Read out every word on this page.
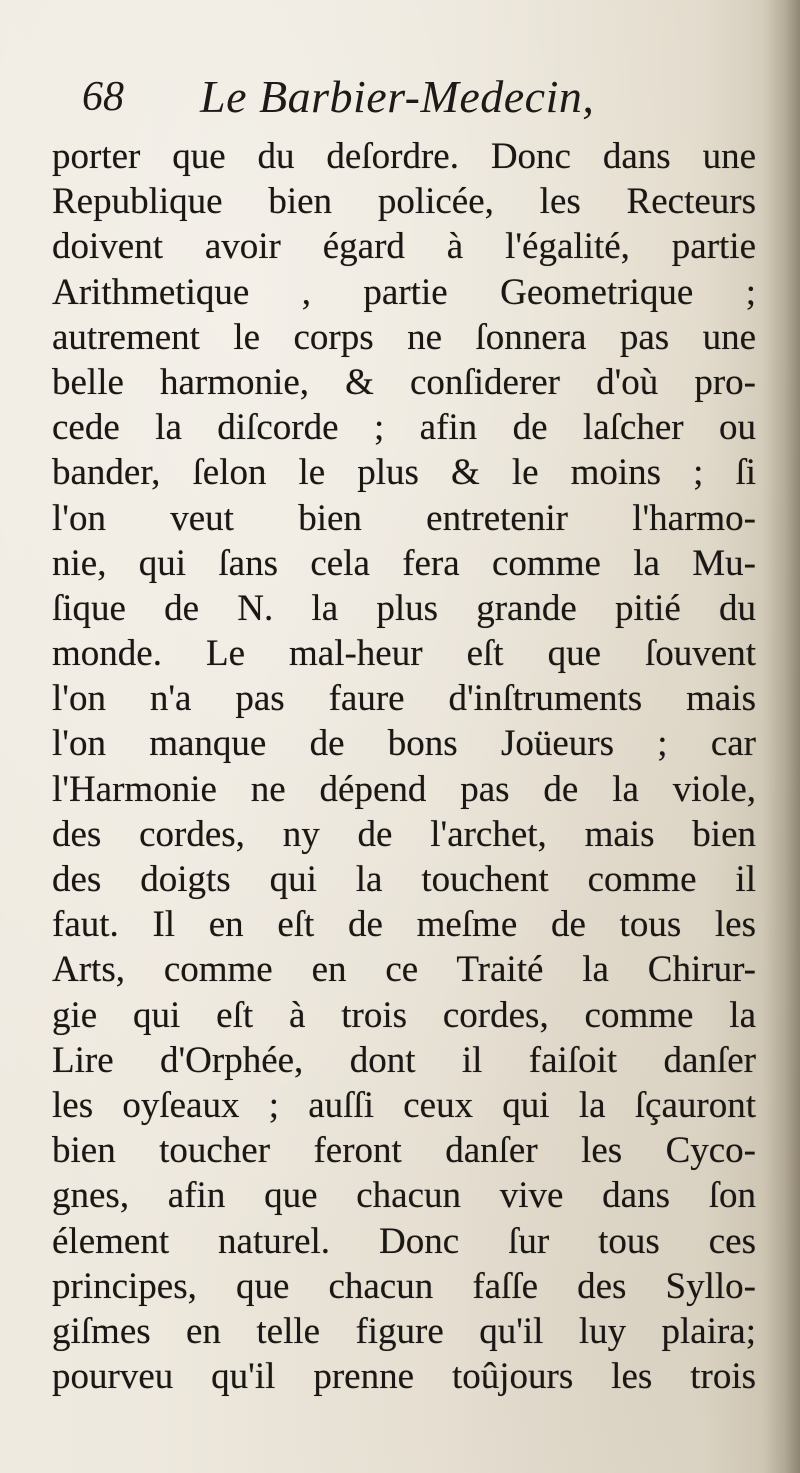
68 Le Barbier-Medecin,
porter que du deſordre. Donc dans une
Republique bien policée, les Recteurs
doivent avoir égard à l'égalité, partie
Arithmetique , partie Geometrique ;
autrement le corps ne ſonnera pas une
belle harmonie, & conſiderer d'où pro-
cede la diſcorde ; afin de laſcher ou
bander, ſelon le plus & le moins ; ſi
l'on veut bien entretenir l'harmo-
nie, qui ſans cela fera comme la Mu-
ſique de N. la plus grande pitié du
monde. Le mal-heur eſt que ſouvent
l'on n'a pas faure d'inſtruments mais
l'on manque de bons Joüeurs ; car
l'Harmonie ne dépend pas de la viole,
des cordes, ny de l'archet, mais bien
des doigts qui la touchent comme il
faut. Il en eſt de meſme de tous les
Arts, comme en ce Traité la Chirur-
gie qui eſt à trois cordes, comme la
Lire d'Orphée, dont il faiſoit danſer
les oyſeaux ; auſſi ceux qui la ſçauront
bien toucher feront danſer les Cyco-
gnes, afin que chacun vive dans ſon
élement naturel. Donc ſur tous ces
principes, que chacun faſſe des Syllo-
giſmes en telle figure qu'il luy plaira;
pourveu qu'il prenne toûjours les trois
